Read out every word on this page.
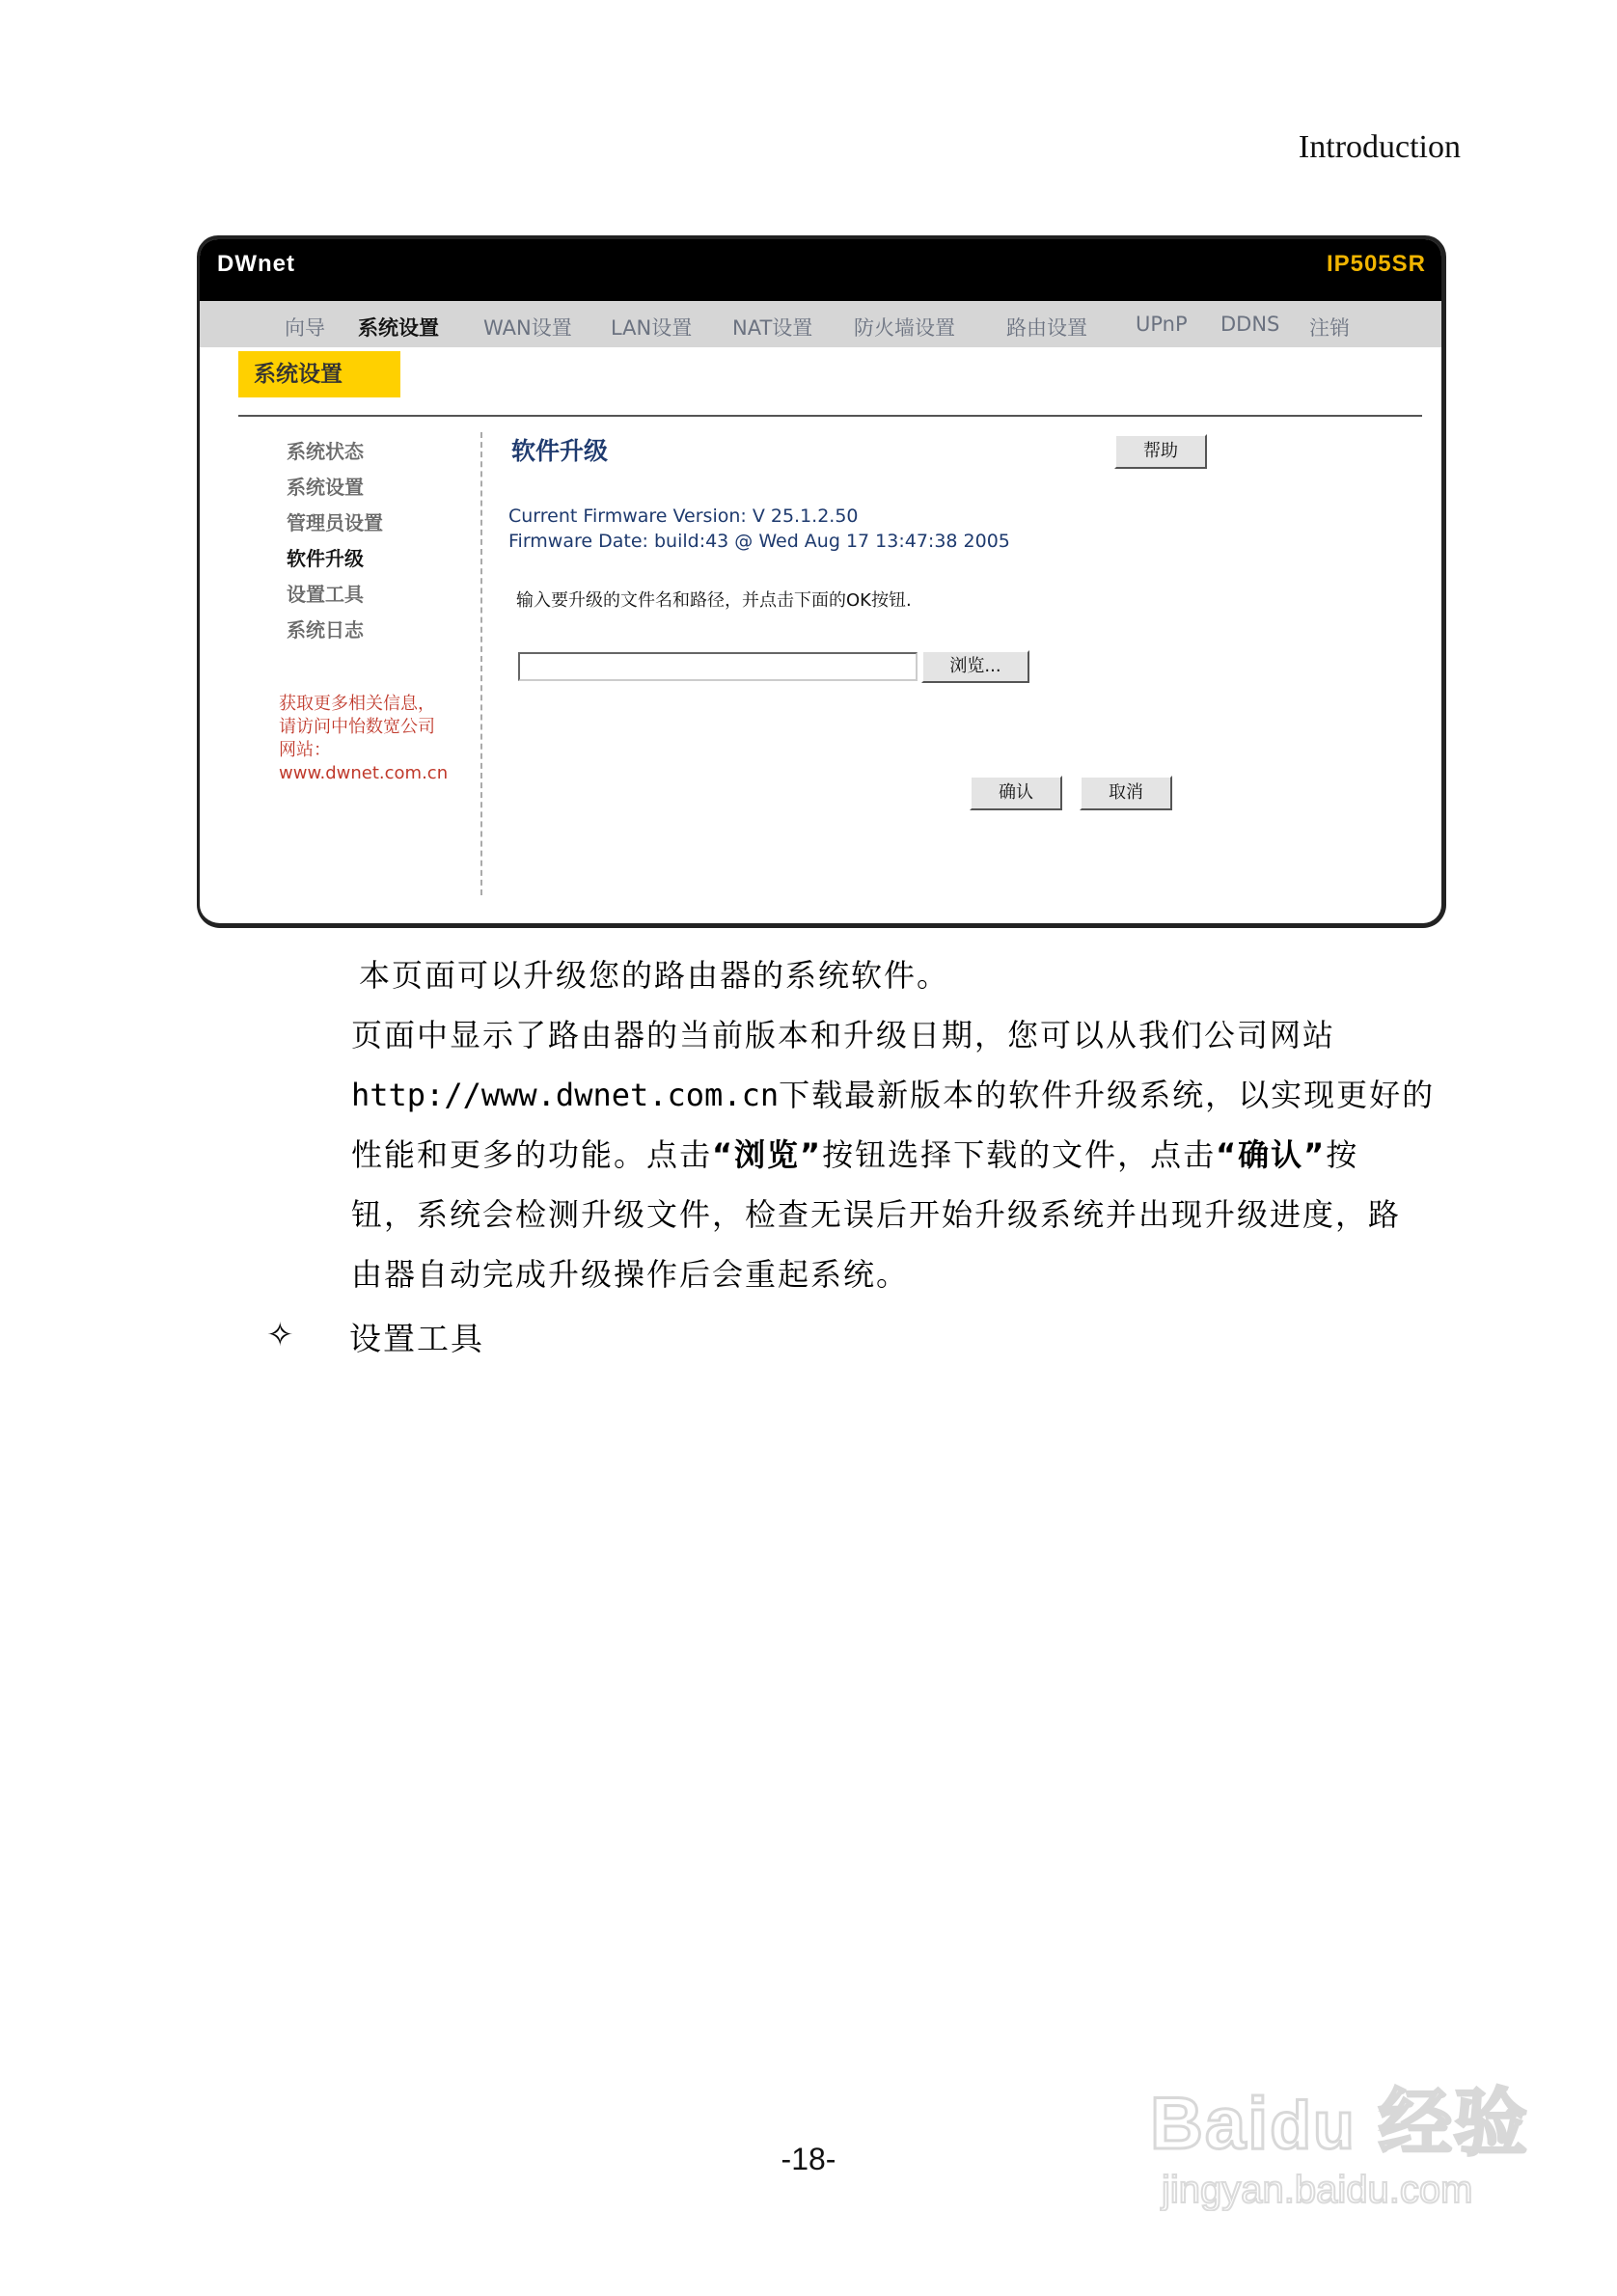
Introduction
DWnet	IP505SR
向导 系统设置 WAN设置 LAN设置 NAT设置 防火墙设置	路由设置 UPnP DDNS 注销
系统设置
系统状态
系统设置
管理员设置
软件升级
设置工具
系统日志
获取更多相关信息，
请访问中怡数宽公司
网站：
www.dwnet.com.cn
软件升级	帮助
Current Firmware Version: V 25.1.2.50
Firmware Date: build:43 @ Wed Aug 17 13:47:38 2005
输入要升级的文件名和路径，并点击下面的OK按钮.
浏览...
确认	取消
本页面可以升级您的路由器的系统软件。
页面中显示了路由器的当前版本和升级日期，您可以从我们公司网站
http://www.dwnet.com.cn下载最新版本的软件升级系统，以实现更好的
性能和更多的功能。点击“浏览”按钮选择下载的文件，点击“确认”按
钮，系统会检测升级文件，检查无误后开始升级系统并出现升级进度，路
由器自动完成升级操作后会重起系统。
✧ 设置工具
-18-	Baidu 经验
jingyan.baidu.com
